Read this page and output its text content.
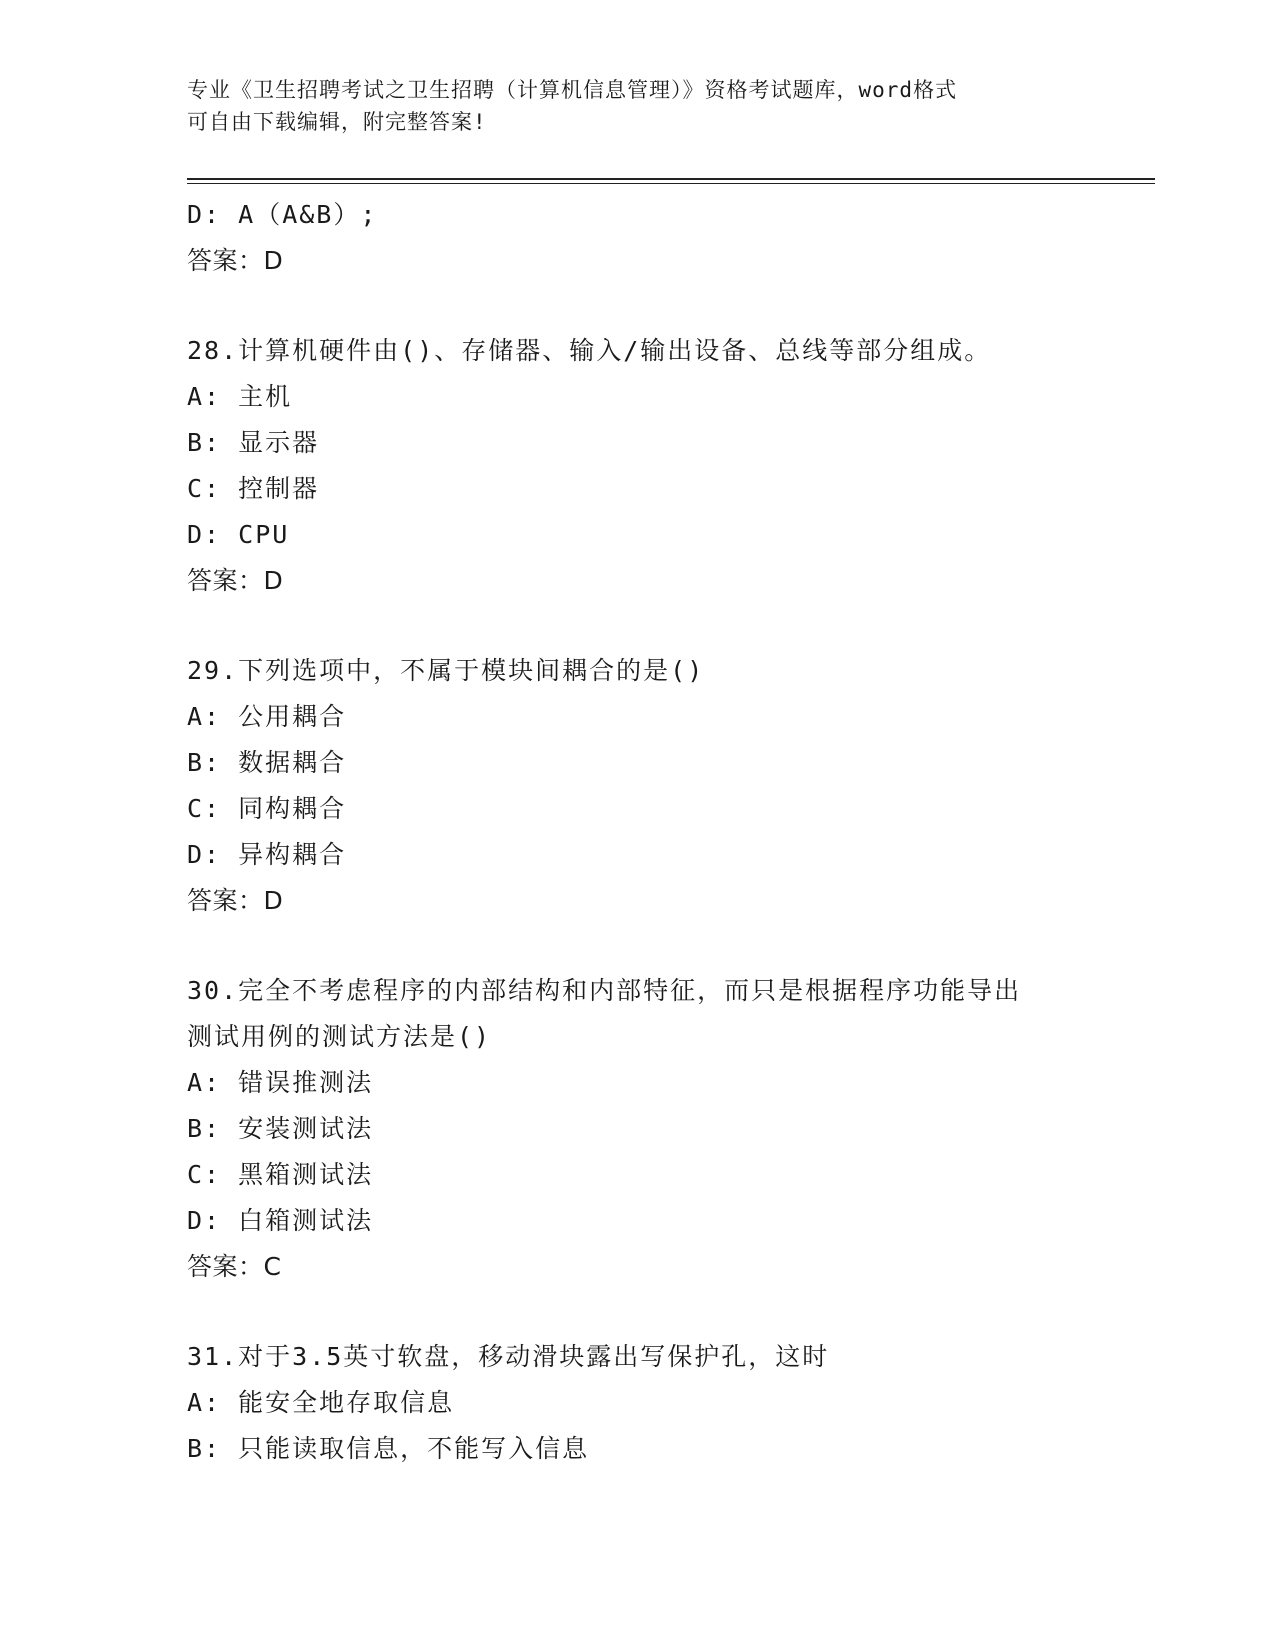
专业《卫生招聘考试之卫生招聘（计算机信息管理）》资格考试题库，word格式
可自由下载编辑，附完整答案!
D: A（A&B）;
答案：D
28.计算机硬件由()、存储器、输入/输出设备、总线等部分组成。
A: 主机
B: 显示器
C: 控制器
D: CPU
答案：D
29.下列选项中，不属于模块间耦合的是()
A: 公用耦合
B: 数据耦合
C: 同构耦合
D: 异构耦合
答案：D
30.完全不考虑程序的内部结构和内部特征，而只是根据程序功能导出
测试用例的测试方法是()
A: 错误推测法
B: 安装测试法
C: 黑箱测试法
D: 白箱测试法
答案：C
31.对于3.5英寸软盘，移动滑块露出写保护孔，这时
A: 能安全地存取信息
B: 只能读取信息，不能写入信息
